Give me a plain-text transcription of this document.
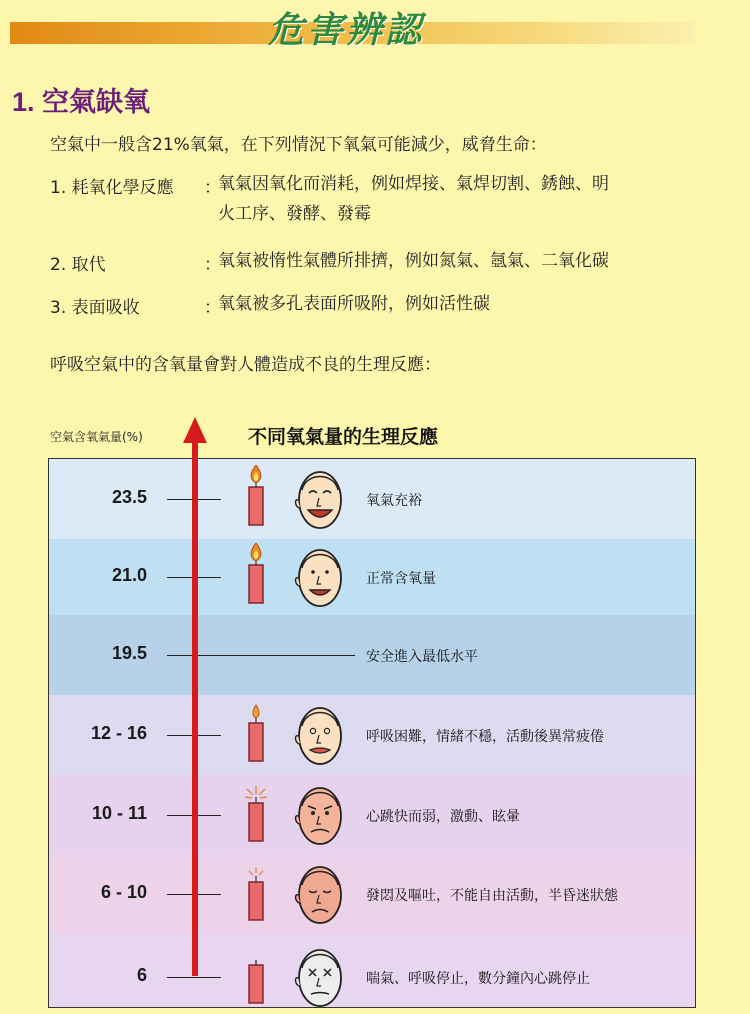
危害辨認
1. 空氣缺氧
空氣中一般含21%氧氣，在下列情況下氧氣可能減少，威脅生命：
1. 耗氧化學反應 ：
氧氣因氧化而消耗，例如焊接、氣焊切割、銹蝕、明
火工序、發酵、發霉
2. 取代	：
氧氣被惰性氣體所排擠，例如氮氣、氬氣、二氧化碳
3. 表面吸收	：
氧氣被多孔表面所吸附，例如活性碳
呼吸空氣中的含氧量會對人體造成不良的生理反應：
空氣含氧氣量(%)	不同氧氣量的生理反應
23.5	氧氣充裕
21.0	正常含氧量
19.5	安全進入最低水平
12 - 16	呼吸困難，情緒不穩，活動後異常疲倦
10 - 11	心跳快而弱，激動、眩暈
6 - 10	發悶及嘔吐，不能自由活動，半昏迷狀態
6	喘氣、呼吸停止，數分鐘內心跳停止
